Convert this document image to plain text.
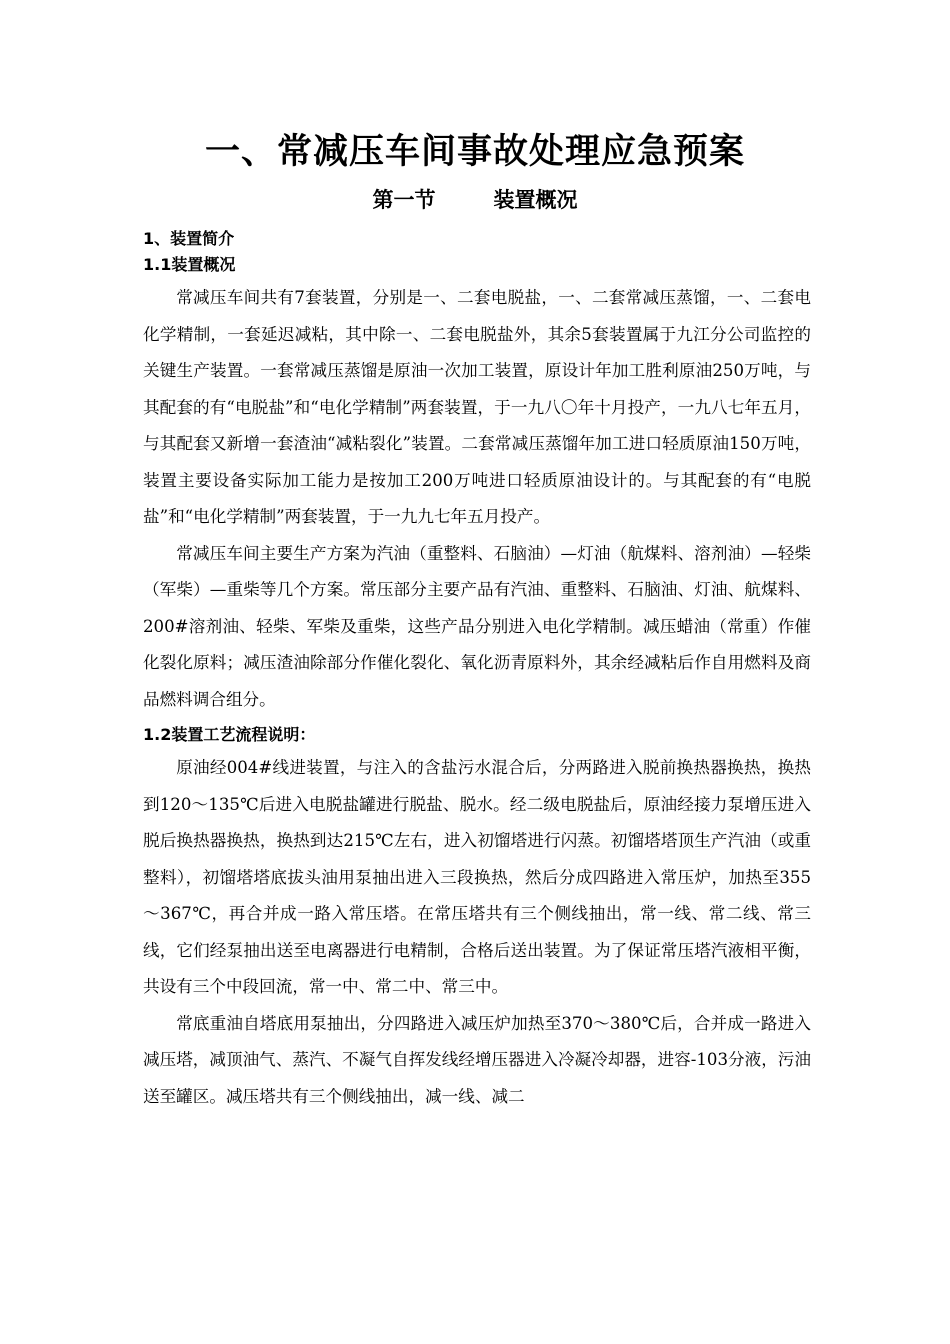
一、常减压车间事故处理应急预案
第一节	装置概况

1、装置简介

1.1装置概况

常减压车间共有7套装置，分别是一、二套电脱盐，一、二套常减压蒸馏，一、二套电化学精制，一套延迟减粘，其中除一、二套电脱盐外，其余5套装置属于九江分公司监控的关键生产装置。一套常减压蒸馏是原油一次加工装置，原设计年加工胜利原油250万吨，与其配套的有“电脱盐”和“电化学精制”两套装置，于一九八〇年十月投产，一九八七年五月，与其配套又新增一套渣油“减粘裂化”装置。二套常减压蒸馏年加工进口轻质原油150万吨，装置主要设备实际加工能力是按加工200万吨进口轻质原油设计的。与其配套的有“电脱盐”和“电化学精制”两套装置，于一九九七年五月投产。

常减压车间主要生产方案为汽油（重整料、石脑油）—灯油（航煤料、溶剂油）—轻柴（军柴）—重柴等几个方案。常压部分主要产品有汽油、重整料、石脑油、灯油、航煤料、200#溶剂油、轻柴、军柴及重柴，这些产品分别进入电化学精制。减压蜡油（常重）作催化裂化原料；减压渣油除部分作催化裂化、氧化沥青原料外，其余经减粘后作自用燃料及商品燃料调合组分。

1.2装置工艺流程说明：

原油经004#线进装置，与注入的含盐污水混合后，分两路进入脱前换热器换热，换热到120～135℃后进入电脱盐罐进行脱盐、脱水。经二级电脱盐后，原油经接力泵增压进入脱后换热器换热，换热到达215℃左右，进入初馏塔进行闪蒸。初馏塔塔顶生产汽油（或重整料），初馏塔塔底拔头油用泵抽出进入三段换热，然后分成四路进入常压炉，加热至355～367℃，再合并成一路入常压塔。在常压塔共有三个侧线抽出，常一线、常二线、常三线，它们经泵抽出送至电离器进行电精制，合格后送出装置。为了保证常压塔汽液相平衡，共设有三个中段回流，常一中、常二中、常三中。

常底重油自塔底用泵抽出，分四路进入减压炉加热至370～380℃后，合并成一路进入减压塔，减顶油气、蒸汽、不凝气自挥发线经增压器进入冷凝冷却器，进容-103分液，污油送至罐区。减压塔共有三个侧线抽出，减一线、减二
